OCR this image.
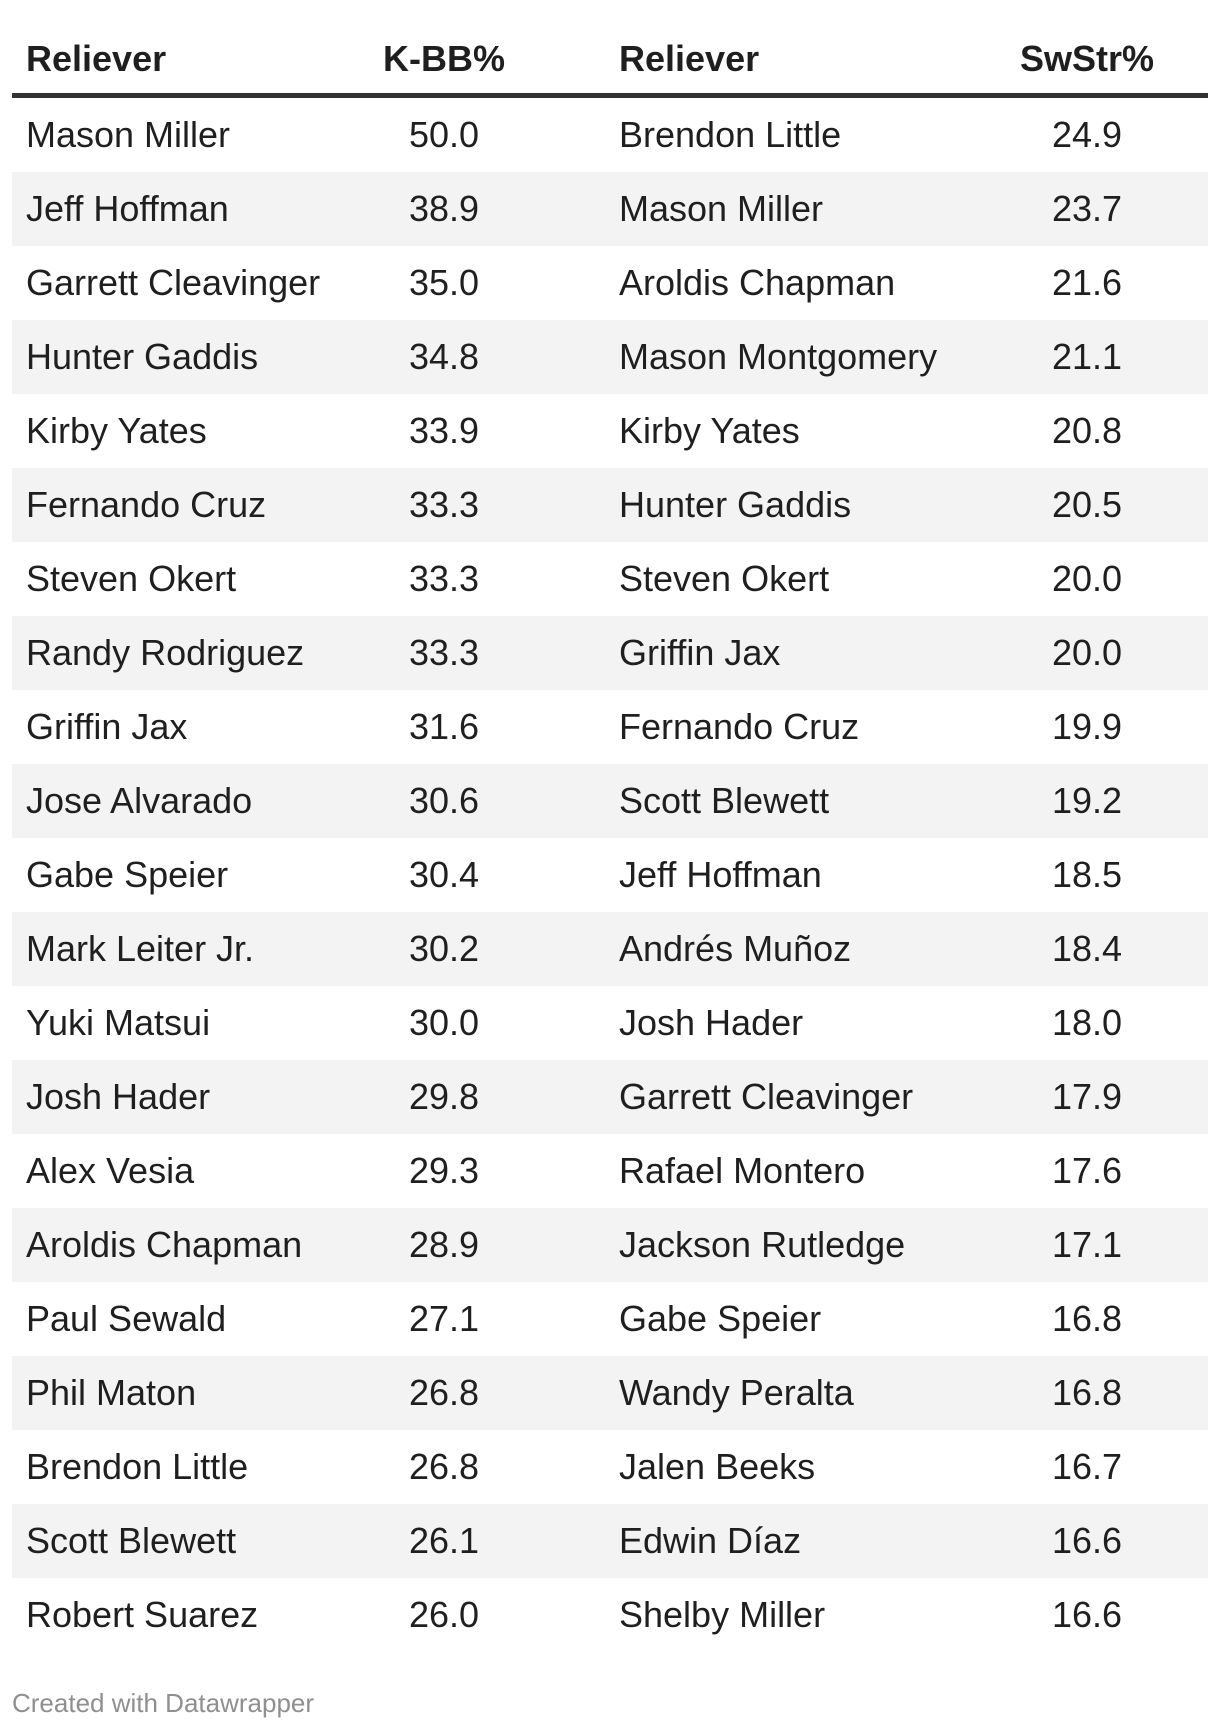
Reliever	K-BB%	Reliever	SwStr%
Mason Miller	50.0	Brendon Little	24.9
Jeff Hoffman	38.9	Mason Miller	23.7
Garrett Cleavinger	35.0	Aroldis Chapman	21.6
Hunter Gaddis	34.8	Mason Montgomery	21.1
Kirby Yates	33.9	Kirby Yates	20.8
Fernando Cruz	33.3	Hunter Gaddis	20.5
Steven Okert	33.3	Steven Okert	20.0
Randy Rodriguez	33.3	Griffin Jax	20.0
Griffin Jax	31.6	Fernando Cruz	19.9
Jose Alvarado	30.6	Scott Blewett	19.2
Gabe Speier	30.4	Jeff Hoffman	18.5
Mark Leiter Jr.	30.2	Andrés Muñoz	18.4
Yuki Matsui	30.0	Josh Hader	18.0
Josh Hader	29.8	Garrett Cleavinger	17.9
Alex Vesia	29.3	Rafael Montero	17.6
Aroldis Chapman	28.9	Jackson Rutledge	17.1
Paul Sewald	27.1	Gabe Speier	16.8
Phil Maton	26.8	Wandy Peralta	16.8
Brendon Little	26.8	Jalen Beeks	16.7
Scott Blewett	26.1	Edwin Díaz	16.6
Robert Suarez	26.0	Shelby Miller	16.6
Created with Datawrapper
